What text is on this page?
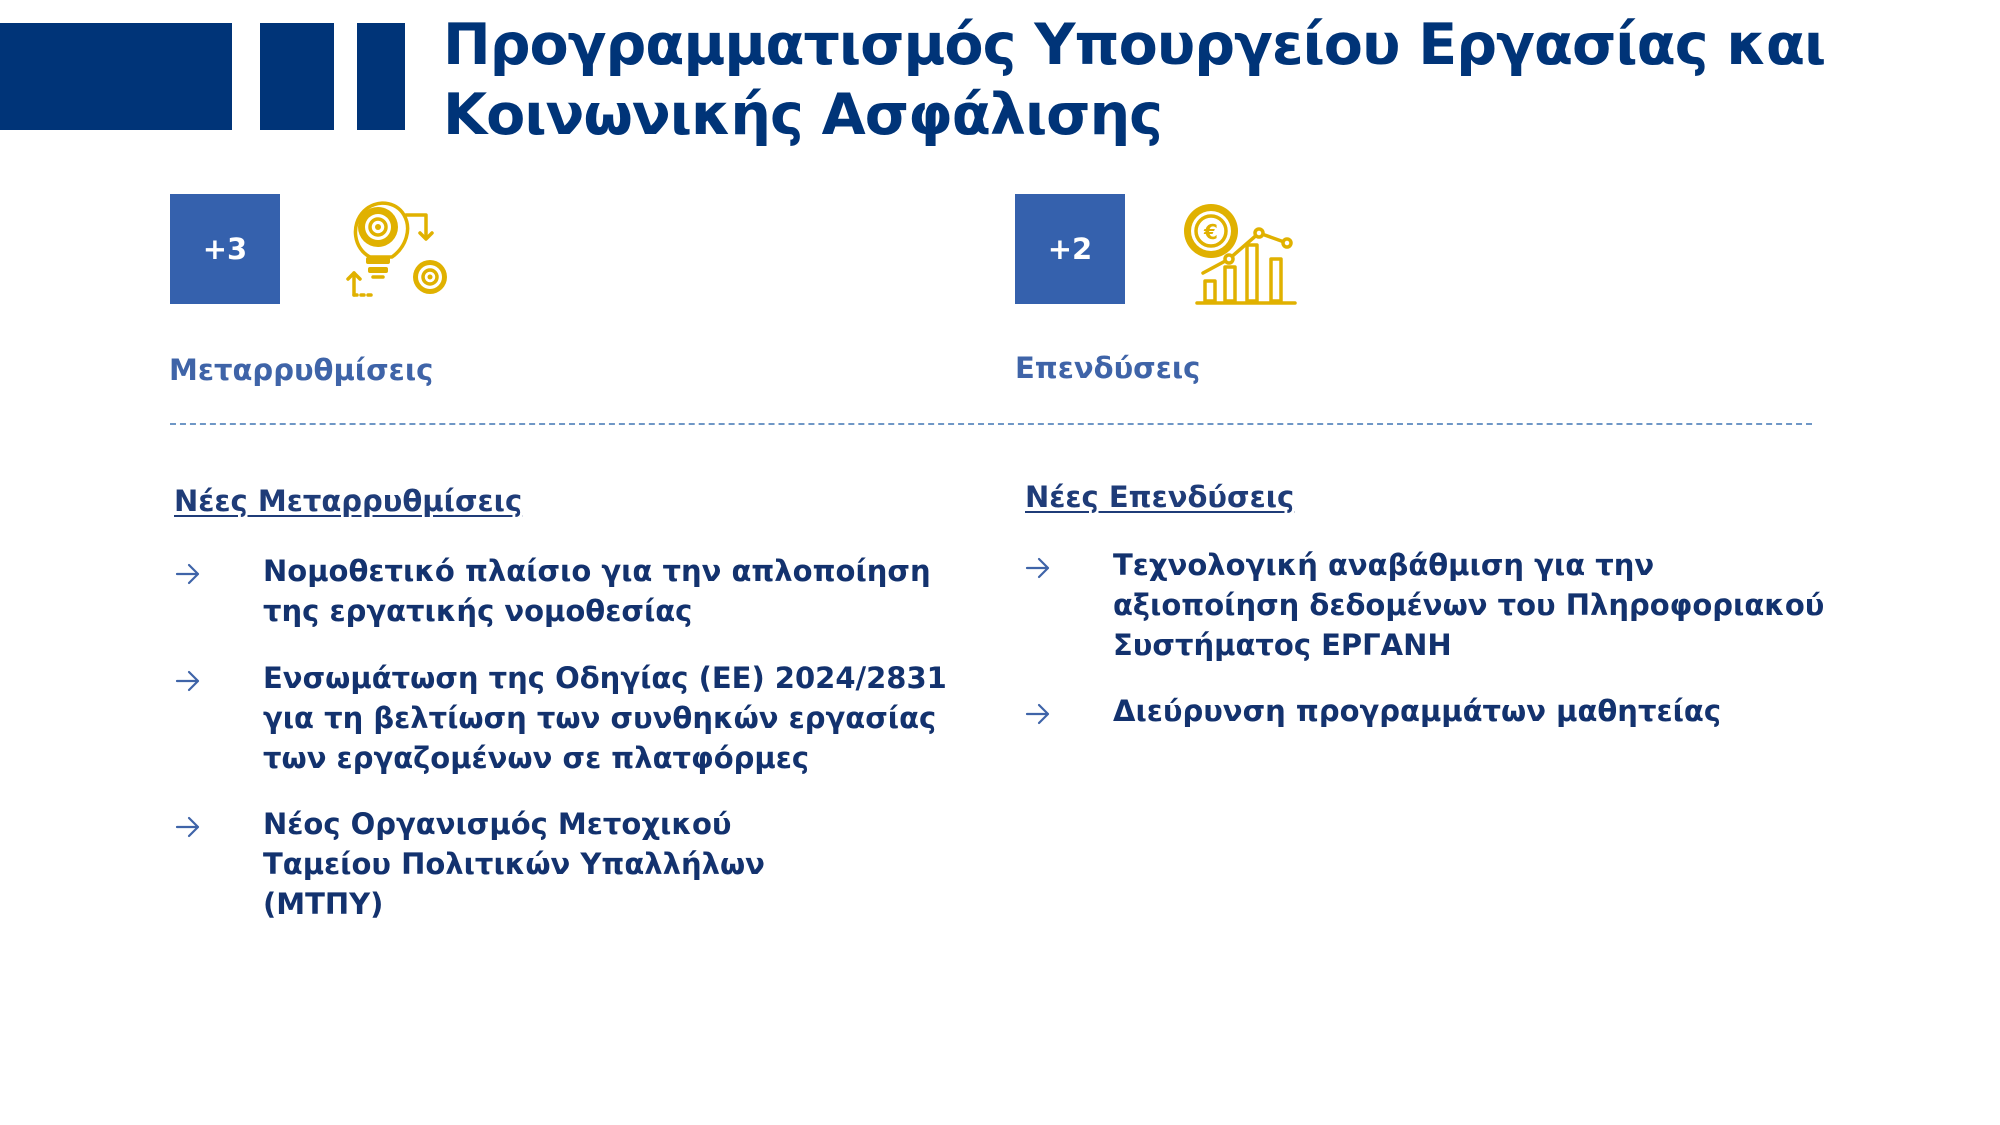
Προγραμματισμός Υπουργείου Εργασίας και
Κοινωνικής Ασφάλισης
+3
Μεταρρυθμίσεις
Νέες Μεταρρυθμίσεις
Νομοθετικό πλαίσιο για την απλοποίηση της εργατικής νομοθεσίας
Ενσωμάτωση της Οδηγίας (ΕΕ) 2024/2831 για τη βελτίωση των συνθηκών εργασίας των εργαζομένων σε πλατφόρμες
Νέος Οργανισμός Μετοχικού Ταμείου Πολιτικών Υπαλλήλων (ΜΤΠΥ)
+2	€
Επενδύσεις
Νέες Επενδύσεις
Τεχνολογική αναβάθμιση για την αξιοποίηση δεδομένων του Πληροφοριακού Συστήματος ΕΡΓΑΝΗ
Διεύρυνση προγραμμάτων μαθητείας
